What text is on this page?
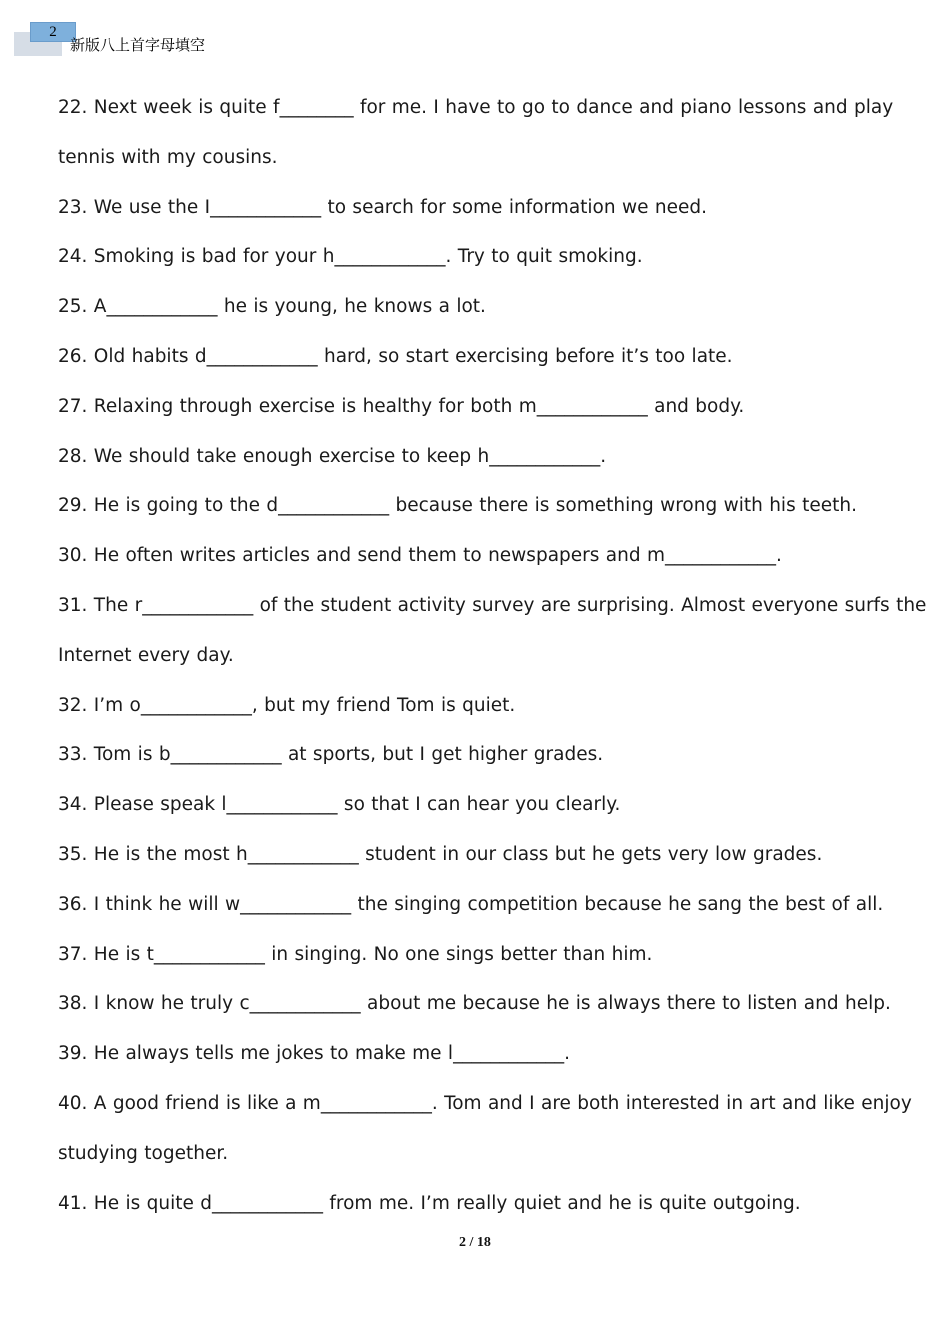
2
新版八上首字母填空
22. Next week is quite f________ for me. I have to go to dance and piano lessons and play
tennis with my cousins.
23. We use the I____________ to search for some information we need.
24. Smoking is bad for your h____________. Try to quit smoking.
25. A____________ he is young, he knows a lot.
26. Old habits d____________ hard, so start exercising before it’s too late.
27. Relaxing through exercise is healthy for both m____________ and body.
28. We should take enough exercise to keep h____________.
29. He is going to the d____________ because there is something wrong with his teeth.
30. He often writes articles and send them to newspapers and m____________.
31. The r____________ of the student activity survey are surprising. Almost everyone surfs the
Internet every day.
32. I’m o____________, but my friend Tom is quiet.
33. Tom is b____________ at sports, but I get higher grades.
34. Please speak l____________ so that I can hear you clearly.
35. He is the most h____________ student in our class but he gets very low grades.
36. I think he will w____________ the singing competition because he sang the best of all.
37. He is t____________ in singing. No one sings better than him.
38. I know he truly c____________ about me because he is always there to listen and help.
39. He always tells me jokes to make me l____________.
40. A good friend is like a m____________. Tom and I are both interested in art and like enjoy
studying together.
41. He is quite d____________ from me. I’m really quiet and he is quite outgoing.
2 / 18
